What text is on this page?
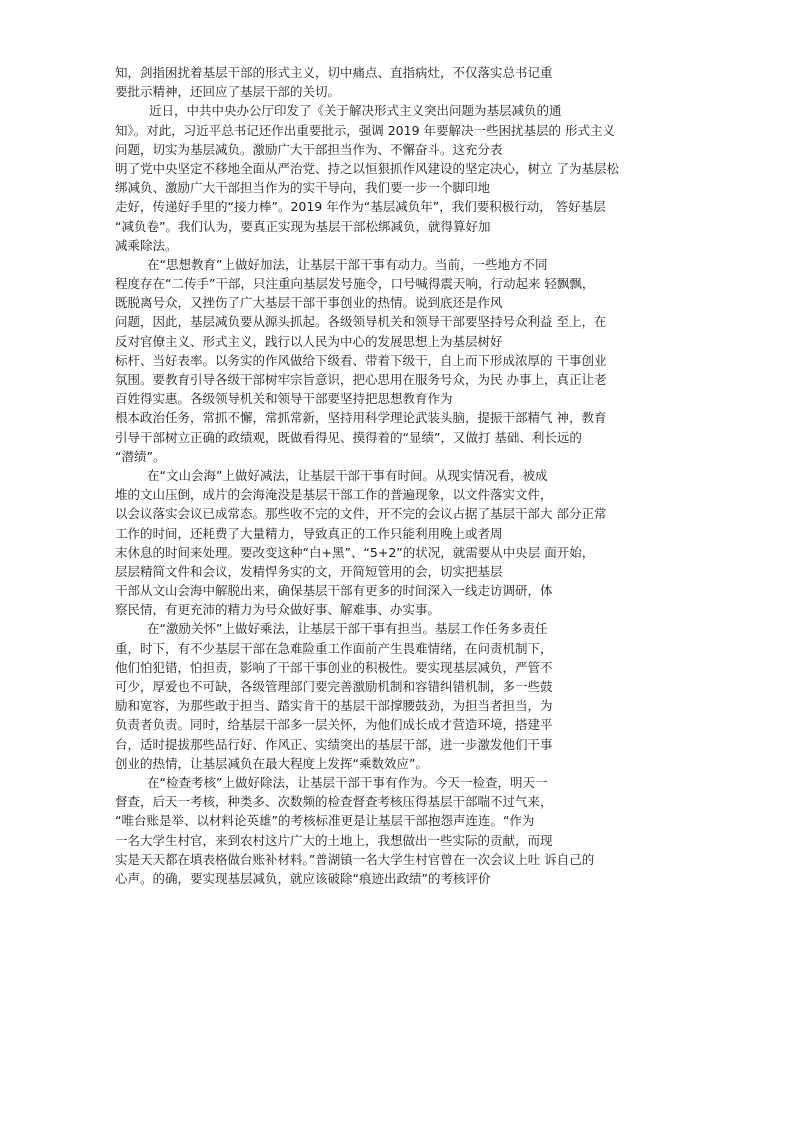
知，剑指困扰着基层干部的形式主义，切中痛点、直指病灶，不仅落实总书记重
要批示精神，还回应了基层干部的关切。
近日，中共中央办公厅印发了《关于解决形式主义突出问题为基层减负的通
知》。对此，习近平总书记还作出重要批示，强调 2019 年要解决一些困扰基层的 形式主义
问题，切实为基层减负。激励广大干部担当作为、不懈奋斗。这充分表
明了党中央坚定不移地全面从严治党、持之以恒狠抓作风建设的坚定决心，树立 了为基层松
绑减负、激励广大干部担当作为的实干导向，我们要一步一个脚印地
走好，传递好手里的“接力棒”。2019 年作为“基层减负年”，我们要积极行动， 答好基层
“减负卷”。我们认为，要真正实现为基层干部松绑减负，就得算好加
减乘除法。
在“思想教育”上做好加法，让基层干部干事有动力。当前，一些地方不同
程度存在“二传手”干部，只注重向基层发号施令，口号喊得震天响，行动起来 轻飘飘，
既脱离号众，又挫伤了广大基层干部干事创业的热情。说到底还是作风
问题，因此，基层减负要从源头抓起。各级领导机关和领导干部要坚持号众利益 至上，在
反对官僚主义、形式主义，践行以人民为中心的发展思想上为基层树好
标杆、当好表率。以务实的作风做给下级看、带着下级干，自上而下形成浓厚的 干事创业
氛围。要教育引导各级干部树牢宗旨意识，把心思用在服务号众，为民 办事上，真正让老
百姓得实惠。各级领导机关和领导干部要坚持把思想教育作为
根本政治任务，常抓不懈，常抓常新，坚持用科学理论武装头脑，提振干部精气 神，教育
引导干部树立正确的政绩观，既做看得见、摸得着的“显绩”，又做打 基础、利长远的
“潜绩”。
在“文山会海”上做好减法，让基层干部干事有时间。从现实情况看，被成
堆的文山压倒，成片的会海淹没是基层干部工作的普遍现象，以文件落实文件，
以会议落实会议已成常态。那些收不完的文件，开不完的会议占据了基层干部大 部分正常
工作的时间，还耗费了大量精力，导致真正的工作只能利用晚上或者周
末休息的时间来处理。要改变这种“白+黑”、“5+2”的状况，就需要从中央层 面开始，
层层精简文件和会议，发精悍务实的文，开简短管用的会，切实把基层
干部从文山会海中解脱出来，确保基层干部有更多的时间深入一线走访调研，体
察民情，有更充沛的精力为号众做好事、解难事、办实事。
在“激励关怀”上做好乘法，让基层干部干事有担当。基层工作任务多责任
重，时下，有不少基层干部在急难险重工作面前产生畏难情绪，在问责机制下，
他们怕犯错，怕担责，影响了干部干事创业的积极性。要实现基层减负，严管不
可少，厚爱也不可缺，各级管理部门要完善激励机制和容错纠错机制，多一些鼓
励和宽容，为那些敢于担当、踏实肯干的基层干部撑腰鼓劲，为担当者担当，为
负责者负责。同时，给基层干部多一层关怀，为他们成长成才营造环境，搭建平
台，适时提拔那些品行好、作风正、实绩突出的基层干部，进一步激发他们干事
创业的热情，让基层减负在最大程度上发挥“乘数效应”。
在“检查考核”上做好除法，让基层干部干事有作为。今天一检查，明天一
督查，后天一考核，种类多、次数频的检查督查考核压得基层干部喘不过气来，
“唯台账是举、以材料论英雄”的考核标准更是让基层干部抱怨声连连。“作为
一名大学生村官，来到农村这片广大的土地上，我想做出一些实际的贡献，而现
实是天天都在填表格做台账补材料。”普湖镇一名大学生村官曾在一次会议上吐 诉自己的
心声。的确，要实现基层减负，就应该破除“痕迹出政绩”的考核评价
